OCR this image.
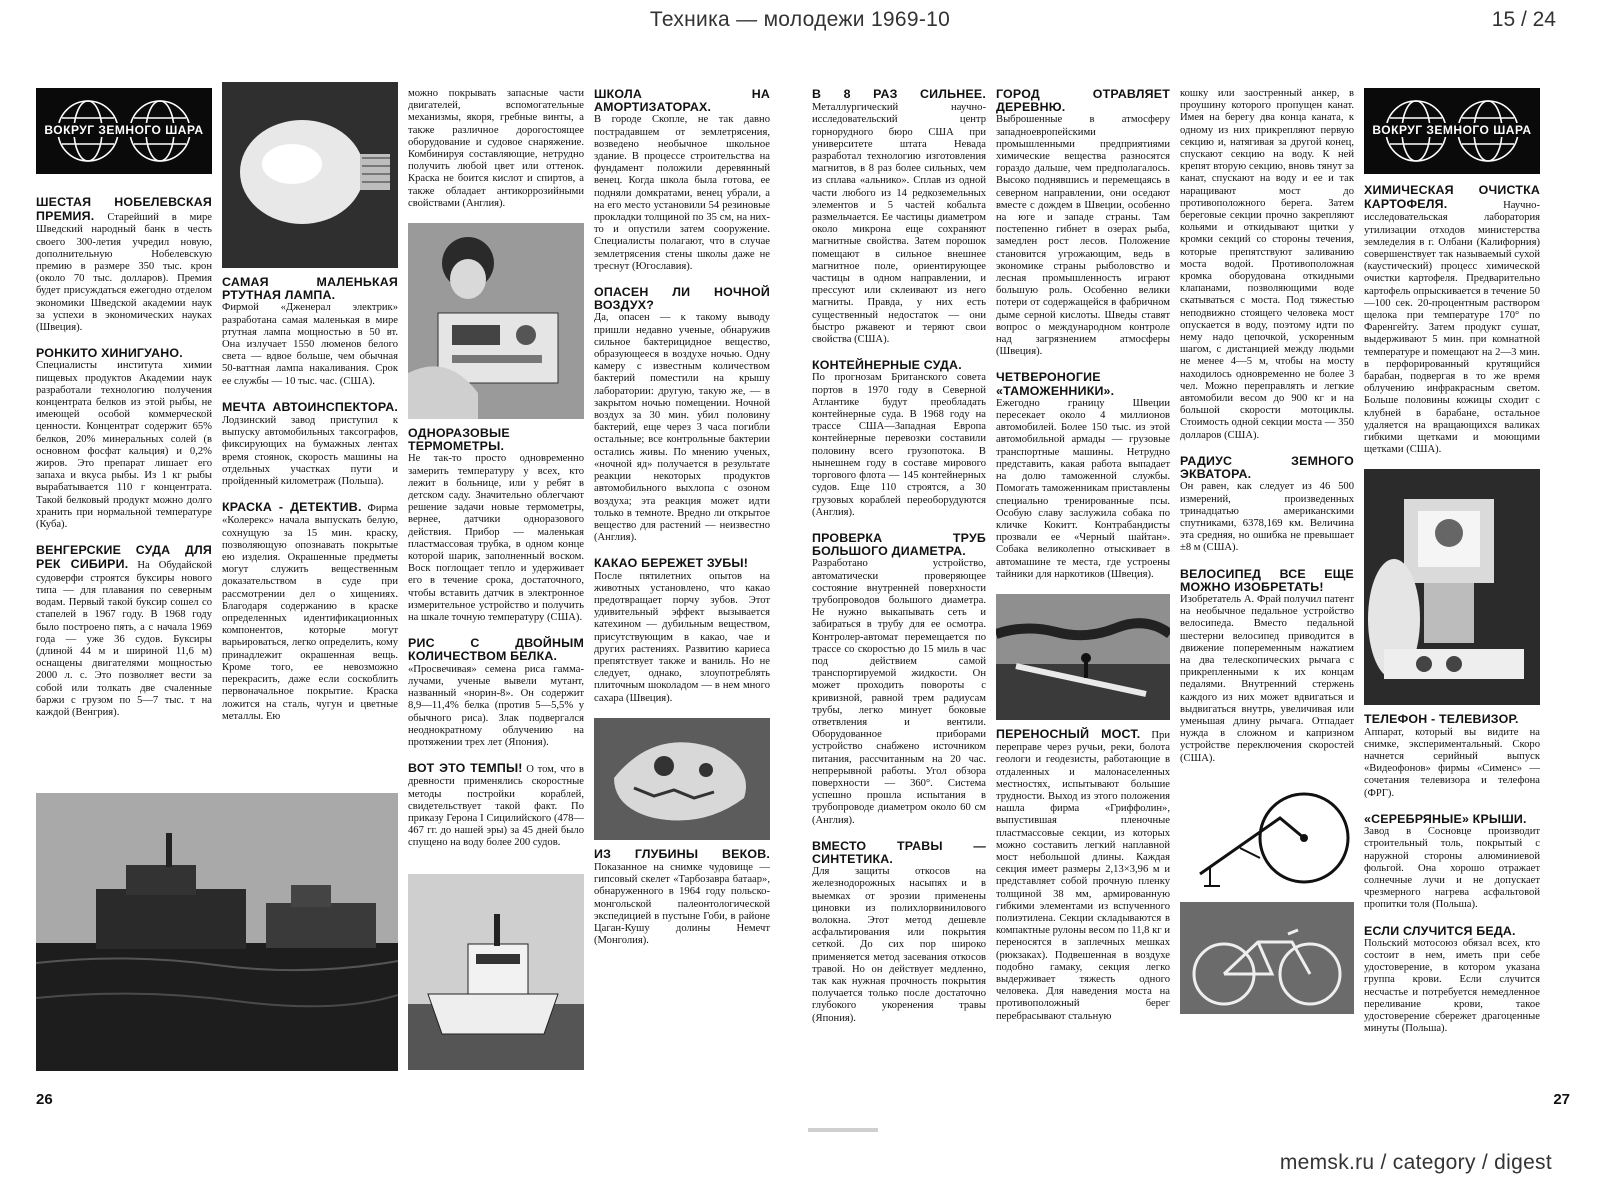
Техника — молодежи 1969-10	15 / 24
ВОКРУГ ЗЕМНОГО ШАРА
ШЕСТАЯ НОБЕЛЕВСКАЯ ПРЕМИЯ. Старейший в мире Шведский народный банк в честь своего 300-летия учредил новую, дополнительную Нобелевскую премию в размере 350 тыс. крон (около 70 тыс. долларов). Премия будет присуждаться ежегодно отделом экономики Шведской академии наук за успехи в экономических науках (Швеция).
РОНКИТО ХИНИГУАНО.
Специалисты института химии пищевых продуктов Академии наук разработали технологию получения концентрата белков из этой рыбы, не имеющей особой коммерческой ценности. Концентрат содержит 65% белков, 20% минеральных солей (в основном фосфат кальция) и 0,2% жиров. Это препарат лишает его запаха и вкуса рыбы. Из 1 кг рыбы вырабатывается 110 г концентрата. Такой белковый продукт можно долго хранить при нормальной температуре (Куба).
ВЕНГЕРСКИЕ СУДА ДЛЯ РЕК СИБИРИ. На Обудайской судоверфи строятся буксиры нового типа — для плавания по северным водам. Первый такой буксир сошел со стапелей в 1967 году. В 1968 году было построено пять, а с начала 1969 года — уже 36 судов. Буксиры (длиной 44 м и шириной 11,6 м) оснащены двигателями мощностью 2000 л. с. Это позволяет вести за собой или толкать две счаленные баржи с грузом по 5—7 тыс. т на каждой (Венгрия).
САМАЯ МАЛЕНЬКАЯ РТУТНАЯ ЛАМПА.
Фирмой «Дженерал электрик» разработана самая маленькая в мире ртутная лампа мощностью в 50 вт. Она излучает 1550 люменов белого света — вдвое больше, чем обычная 50-ваттная лампа накаливания. Срок ее службы — 10 тыс. час. (США).
МЕЧТА АВТОИНСПЕКТОРА. Лодзинский завод приступил к выпуску автомобильных таксографов, фиксирующих на бумажных лентах время стоянок, скорость машины на отдельных участках пути и пройденный километраж (Польша).
КРАСКА - ДЕТЕКТИВ. Фирма «Колерекс» начала выпускать белую, сохнущую за 15 мин. краску, позволяющую опознавать покрытые ею изделия. Окрашенные предметы могут служить вещественным доказательством в суде при рассмотрении дел о хищениях. Благодаря содержанию в краске определенных идентификационных компонентов, которые могут варьироваться, легко определить, кому принадлежит окрашенная вещь. Кроме того, ее невозможно перекрасить, даже если соскоблить первоначальное покрытие. Краска ложится на сталь, чугун и цветные металлы. Ею
можно покрывать запасные части двигателей, вспомогательные механизмы, якоря, гребные винты, а также различное дорогостоящее оборудование и судовое снаряжение. Комбинируя составляющие, нетрудно получить любой цвет или оттенок. Краска не боится кислот и спиртов, а также обладает антикоррозийными свойствами (Англия).
ОДНОРАЗОВЫЕ ТЕРМОМЕТРЫ.
Не так-то просто одновременно замерить температуру у всех, кто лежит в больнице, или у ребят в детском саду. Значительно облегчают решение задачи новые термометры, вернее, датчики одноразового действия. Прибор — маленькая пластмассовая трубка, в одном конце которой шарик, заполненный воском. Воск поглощает тепло и удерживает его в течение срока, достаточного, чтобы вставить датчик в электронное измерительное устройство и получить на шкале точную температуру (США).
РИС С ДВОЙНЫМ КОЛИЧЕСТВОМ БЕЛКА.
«Просвечивая» семена риса гамма-лучами, ученые вывели мутант, названный «норин-8». Он содержит 8,9—11,4% белка (против 5—5,5% у обычного риса). Злак подвергался неоднократному облучению на протяжении трех лет (Япония).
ВОТ ЭТО ТЕМПЫ! О том, что в древности применялись скоростные методы постройки кораблей, свидетельствует такой факт. По приказу Герона I Сицилийского (478—467 гг. до нашей эры) за 45 дней было спущено на воду более 200 судов.
ШКОЛА НА АМОРТИЗАТОРАХ.
В городе Скопле, не так давно пострадавшем от землетрясения, возведено необычное школьное здание. В процессе строительства на фундамент положили деревянный венец. Когда школа была готова, ее подняли домкратами, венец убрали, а на его место установили 54 резиновые прокладки толщиной по 35 см, на них-то и опустили затем сооружение. Специалисты полагают, что в случае землетрясения стены школы даже не треснут (Югославия).
ОПАСЕН ЛИ НОЧНОЙ ВОЗДУХ?
Да, опасен — к такому выводу пришли недавно ученые, обнаружив сильное бактерицидное вещество, образующееся в воздухе ночью. Одну камеру с известным количеством бактерий поместили на крышу лаборатории: другую, такую же, — в закрытом ночью помещении. Ночной воздух за 30 мин. убил половину бактерий, еще через 3 часа погибли остальные; все контрольные бактерии остались живы. По мнению ученых, «ночной яд» получается в результате реакции некоторых продуктов автомобильного выхлопа с озоном воздуха; эта реакция может идти только в темноте. Вредно ли открытое вещество для растений — неизвестно (Англия).
КАКАО БЕРЕЖЕТ ЗУБЫ!
После пятилетних опытов на животных установлено, что какао предотвращает порчу зубов. Этот удивительный эффект вызывается катехином — дубильным веществом, присутствующим в какао, чае и других растениях. Развитию кариеса препятствует также и ваниль. Но не следует, однако, злоупотреблять плиточным шоколадом — в нем много сахара (Швеция).
ИЗ ГЛУБИНЫ ВЕКОВ. Показанное на снимке чудовище — гипсовый скелет «Тарбозавра батаар», обнаруженного в 1964 году польско-монгольской палеонтологической экспедицией в пустыне Гоби, в районе Цаган-Кушу долины Немечт (Монголия).
26
В 8 РАЗ СИЛЬНЕЕ. Металлургический научно-исследовательский центр горнорудного бюро США при университете штата Невада разработал технологию изготовления магнитов, в 8 раз более сильных, чем из сплава «альнико». Сплав из одной части любого из 14 редкоземельных элементов и 5 частей кобальта размельчается. Ее частицы диаметром около микрона еще сохраняют магнитные свойства. Затем порошок помещают в сильное внешнее магнитное поле, ориентирующее частицы в одном направлении, и прессуют или склеивают из него магниты. Правда, у них есть существенный недостаток — они быстро ржавеют и теряют свои свойства (США).
КОНТЕЙНЕРНЫЕ СУДА.
По прогнозам Британского совета портов в 1970 году в Северной Атлантике будут преобладать контейнерные суда. В 1968 году на трассе США—Западная Европа контейнерные перевозки составили половину всего грузопотока. В нынешнем году в составе мирового торгового флота — 145 контейнерных судов. Еще 110 строятся, а 30 грузовых кораблей переоборудуются (Англия).
ПРОВЕРКА ТРУБ БОЛЬШОГО ДИАМЕТРА.
Разработано устройство, автоматически проверяющее состояние внутренней поверхности трубопроводов большого диаметра. Не нужно выкапывать сеть и забираться в трубу для ее осмотра. Контролер-автомат перемещается по трассе со скоростью до 15 миль в час под действием самой транспортируемой жидкости. Он может проходить повороты с кривизной, равной трем радиусам трубы, легко минует боковые ответвления и вентили. Оборудованное приборами устройство снабжено источником питания, рассчитанным на 20 час. непрерывной работы. Угол обзора поверхности — 360°. Система успешно прошла испытания в трубопроводе диаметром около 60 см (Англия).
ВМЕСТО ТРАВЫ — СИНТЕТИКА.
Для защиты откосов на железнодорожных насыпях и в выемках от эрозии применены циновки из полихлорвинилового волокна. Этот метод дешевле асфальтирования или покрытия сеткой. До сих пор широко применяется метод засевания откосов травой. Но он действует медленно, так как нужная прочность покрытия получается только после достаточно глубокого укоренения травы (Япония).
ГОРОД ОТРАВЛЯЕТ ДЕРЕВНЮ.
Выброшенные в атмосферу западноевропейскими промышленными предприятиями химические вещества разносятся гораздо дальше, чем предполагалось. Высоко поднявшись и перемещаясь в северном направлении, они оседают вместе с дождем в Швеции, особенно на юге и западе страны. Там постепенно гибнет в озерах рыба, замедлен рост лесов. Положение становится угрожающим, ведь в экономике страны рыболовство и лесная промышленность играют большую роль. Особенно велики потери от содержащейся в фабричном дыме серной кислоты. Шведы ставят вопрос о международном контроле над загрязнением атмосферы (Швеция).
ЧЕТВЕРОНОГИЕ «ТАМОЖЕННИКИ».
Ежегодно границу Швеции пересекает около 4 миллионов автомобилей. Более 150 тыс. из этой автомобильной армады — грузовые транспортные машины. Нетрудно представить, какая работа выпадает на долю таможенной службы. Помогать таможенникам приставлены специально тренированные псы. Особую славу заслужила собака по кличке Кокитт. Контрабандисты прозвали ее «Черный шайтан». Собака великолепно отыскивает в автомашине те места, где устроены тайники для наркотиков (Швеция).
ПЕРЕНОСНЫЙ МОСТ. При переправе через ручьи, реки, болота геологи и геодезисты, работающие в отдаленных и малонаселенных местностях, испытывают большие трудности. Выход из этого положения нашла фирма «Гриффолин», выпустившая пленочные пластмассовые секции, из которых можно составить легкий наплавной мост небольшой длины. Каждая секция имеет размеры 2,13×3,96 м и представляет собой прочную пленку толщиной 38 мм, армированную гибкими элементами из вспученного полиэтилена. Секции складываются в компактные рулоны весом по 11,8 кг и переносятся в заплечных мешках (рюкзаках). Подвешенная в воздухе подобно гамаку, секция легко выдерживает тяжесть одного человека. Для наведения моста на противоположный берег перебрасывают стальную
кошку или заостренный анкер, в проушину которого пропущен канат. Имея на берегу два конца каната, к одному из них прикрепляют первую секцию и, натягивая за другой конец, спускают секцию на воду. К ней крепят вторую секцию, вновь тянут за канат, спускают на воду и ее и так наращивают мост до противоположного берега. Затем береговые секции прочно закрепляют кольями и откидывают щитки у кромки секций со стороны течения, которые препятствуют заливанию моста водой. Противоположная кромка оборудована откидными клапанами, позволяющими воде скатываться с моста. Под тяжестью неподвижно стоящего человека мост опускается в воду, поэтому идти по нему надо цепочкой, ускоренным шагом, с дистанцией между людьми не менее 4—5 м, чтобы на мосту находилось одновременно не более 3 чел. Можно переправлять и легкие автомобили весом до 900 кг и на большой скорости мотоциклы. Стоимость одной секции моста — 350 долларов (США).
РАДИУС ЗЕМНОГО ЭКВАТОРА.
Он равен, как следует из 46 500 измерений, произведенных тринадцатью американскими спутниками, 6378,169 км. Величина эта средняя, но ошибка не превышает ±8 м (США).
ВЕЛОСИПЕД ВСЕ ЕЩЕ МОЖНО ИЗОБРЕТАТЬ!
Изобретатель А. Фрай получил патент на необычное педальное устройство велосипеда. Вместо педальной шестерни велосипед приводится в движение попеременным нажатием на два телескопических рычага с прикрепленными к их концам педалями. Внутренний стержень каждого из них может вдвигаться и выдвигаться внутрь, увеличивая или уменьшая длину рычага. Отпадает нужда в сложном и капризном устройстве переключения скоростей (США).
ВОКРУГ ЗЕМНОГО ШАРА
ХИМИЧЕСКАЯ ОЧИСТКА КАРТОФЕЛЯ.	Научно-исследовательская лаборатория утилизации отходов министерства земледелия в г. Олбани (Калифорния) совершенствует так называемый сухой (каустический) процесс химической очистки картофеля. Предварительно картофель опрыскивается в течение 50—100 сек. 20-процентным раствором щелока при температуре 170° по Фаренгейту. Затем продукт сушат, выдерживают 5 мин. при комнатной температуре и помещают на 2—3 мин. в перфорированный крутящийся барабан, подвергая в то же время облучению инфракрасным светом. Больше половины кожицы сходит с клубней в барабане, остальное удаляется на вращающихся валиках гибкими щетками и моющими щетками (США).
ТЕЛЕФОН - ТЕЛЕВИЗОР.
Аппарат, который вы видите на снимке, экспериментальный. Скоро начнется серийный выпуск «Видеофонов» фирмы «Сименс» — сочетания телевизора и телефона (ФРГ).
«СЕРЕБРЯНЫЕ» КРЫШИ.
Завод в Сосновце производит строительный толь, покрытый с наружной стороны алюминиевой фольгой. Она хорошо отражает солнечные лучи и не допускает чрезмерного нагрева асфальтовой пропитки толя (Польша).
ЕСЛИ СЛУЧИТСЯ БЕДА.
Польский мотосоюз обязал всех, кто состоит в нем, иметь при себе удостоверение, в котором указана группа крови. Если случится несчастье и потребуется немедленное переливание крови, такое удостоверение сбережет драгоценные минуты (Польша).
27
memsk.ru / category / digest
